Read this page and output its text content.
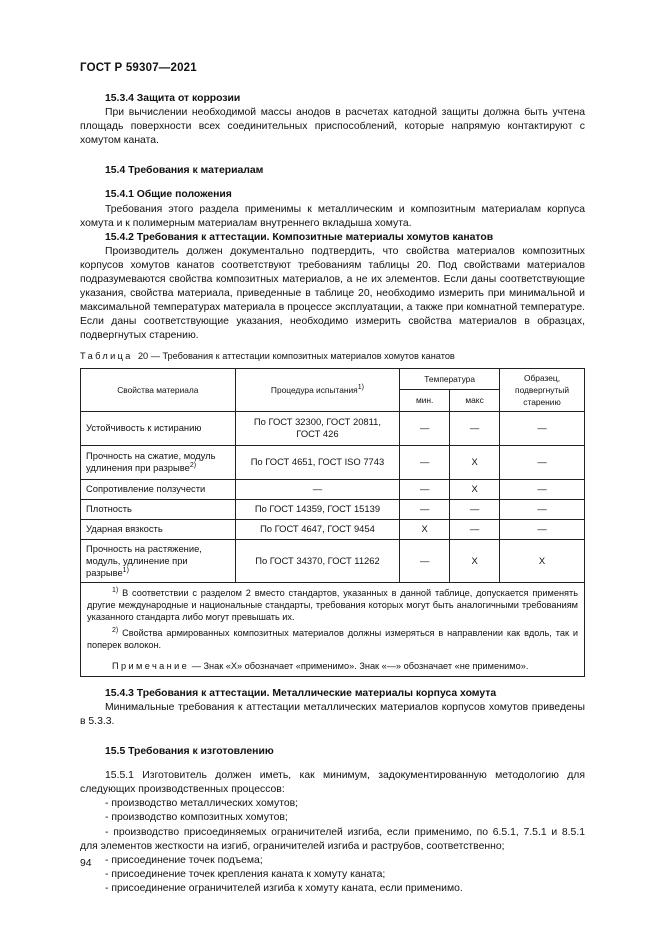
ГОСТ Р 59307—2021

15.3.4 Защита от коррозии

При вычислении необходимой массы анодов в расчетах катодной защиты должна быть учтена площадь поверхности всех соединительных приспособлений, которые напрямую контактируют с хомутом каната.

15.4 Требования к материалам

15.4.1 Общие положения

Требования этого раздела применимы к металлическим и композитным материалам корпуса хомута и к полимерным материалам внутреннего вкладыша хомута.

15.4.2 Требования к аттестации. Композитные материалы хомутов канатов

Производитель должен документально подтвердить, что свойства материалов композитных корпусов хомутов канатов соответствуют требованиям таблицы 20. Под свойствами материалов подразумеваются свойства композитных материалов, а не их элементов. Если даны соответствующие указания, свойства материала, приведенные в таблице 20, необходимо измерить при минимальной и максимальной температурах материала в процессе эксплуатации, а также при комнатной температуре. Если даны соответствующие указания, необходимо измерить свойства материалов в образцах, подвергнутых старению.

Таблица 20 — Требования к аттестации композитных материалов хомутов канатов

Свойства материала	Процедура испытания$^{1)}$	Температура		Образец, подвергнутый старению
		мин.	макс	
Устойчивость к истиранию	По ГОСТ 32300, ГОСТ 20811, ГОСТ 426	—	—	—
Прочность на сжатие, модуль удлинения при разрыве$^{2)}$	По ГОСТ 4651, ГОСТ ISO 7743	—	X	—
Сопротивление ползучести	—	—	X	—
Плотность	По ГОСТ 14359, ГОСТ 15139	—	—	—
Ударная вязкость	По ГОСТ 4647, ГОСТ 9454	X	—	—
Прочность на растяжение, модуль, удлинение при разрыве$^{1)}$	По ГОСТ 34370, ГОСТ 11262	—	X	X

$^{1)}$ В соответствии с разделом 2 вместо стандартов, указанных в данной таблице, допускается применять другие международные и национальные стандарты, требования которых могут быть аналогичными требованиям указанного стандарта либо могут превышать их.

$^{2)}$ Свойства армированных композитных материалов должны измеряться в направлении как вдоль, так и поперек волокон.

Примечание — Знак «X» обозначает «применимо». Знак «—» обозначает «не применимо».				

15.4.3 Требования к аттестации. Металлические материалы корпуса хомута

Минимальные требования к аттестации металлических материалов корпусов хомутов приведены в 5.3.3.

15.5 Требования к изготовлению

15.5.1 Изготовитель должен иметь, как минимум, задокументированную методологию для следующих производственных процессов:

- производство металлических хомутов;

- производство композитных хомутов;

- производство присоединяемых ограничителей изгиба, если применимо, по 6.5.1, 7.5.1 и 8.5.1 для элементов жесткости на изгиб, ограничителей изгиба и раструбов, соответственно;

- присоединение точек подъема;

- присоединение точек крепления каната к хомуту каната;

- присоединение ограничителей изгиба к хомуту каната, если применимо.

94
